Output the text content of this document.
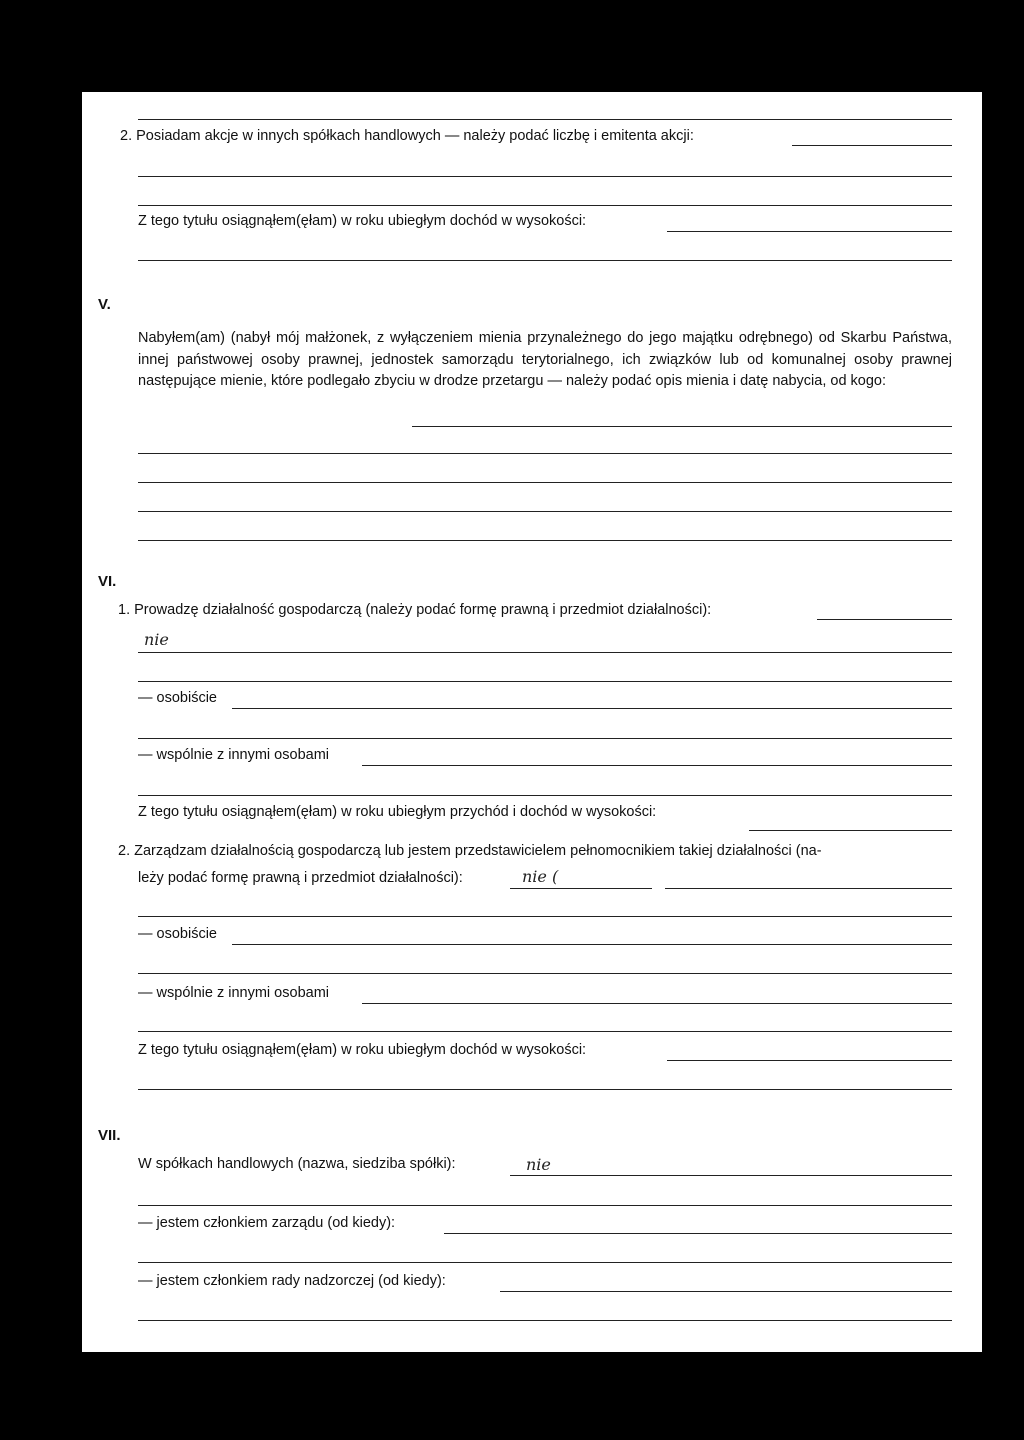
2. Posiadam akcje w innych spółkach handlowych — należy podać liczbę i emitenta akcji:
Z tego tytułu osiągnąłem(ęłam) w roku ubiegłym dochód w wysokości:
V.
Nabyłem(am) (nabył mój małżonek, z wyłączeniem mienia przynależnego do jego majątku odrębnego) od Skarbu Państwa, innej państwowej osoby prawnej, jednostek samorządu terytorialnego, ich związków lub od komunalnej osoby prawnej następujące mienie, które podlegało zbyciu w drodze przetargu — należy podać opis mienia i datę nabycia, od kogo:
VI.
1. Prowadzę działalność gospodarczą (należy podać formę prawną i przedmiot działalności):
nie
— osobiście
— wspólnie z innymi osobami
Z tego tytułu osiągnąłem(ęłam) w roku ubiegłym przychód i dochód w wysokości:
2. Zarządzam działalnością gospodarczą lub jestem przedstawicielem pełnomocnikiem takiej działalności (na-
leży podać formę prawną i przedmiot działalności):	nie (
— osobiście
— wspólnie z innymi osobami
Z tego tytułu osiągnąłem(ęłam) w roku ubiegłym dochód w wysokości:
VII.
W spółkach handlowych (nazwa, siedziba spółki):	nie
— jestem członkiem zarządu (od kiedy):
— jestem członkiem rady nadzorczej (od kiedy):
